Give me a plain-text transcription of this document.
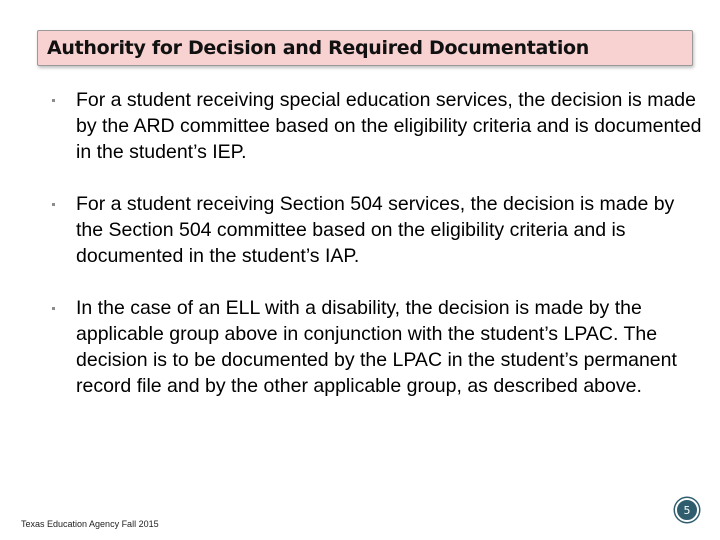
Authority for Decision and Required Documentation
For a student receiving special education services, the decision is made by the ARD committee based on the eligibility criteria and is documented in the student’s IEP.
For a student receiving Section 504 services, the decision is made by the Section 504 committee based on the eligibility criteria and is documented in the student’s IAP.
In the case of an ELL with a disability, the decision is made by the applicable group above in conjunction with the student’s LPAC. The decision is to be documented by the LPAC in the student’s permanent record file and by the other applicable group, as described above.
Texas Education Agency Fall 2015
5
